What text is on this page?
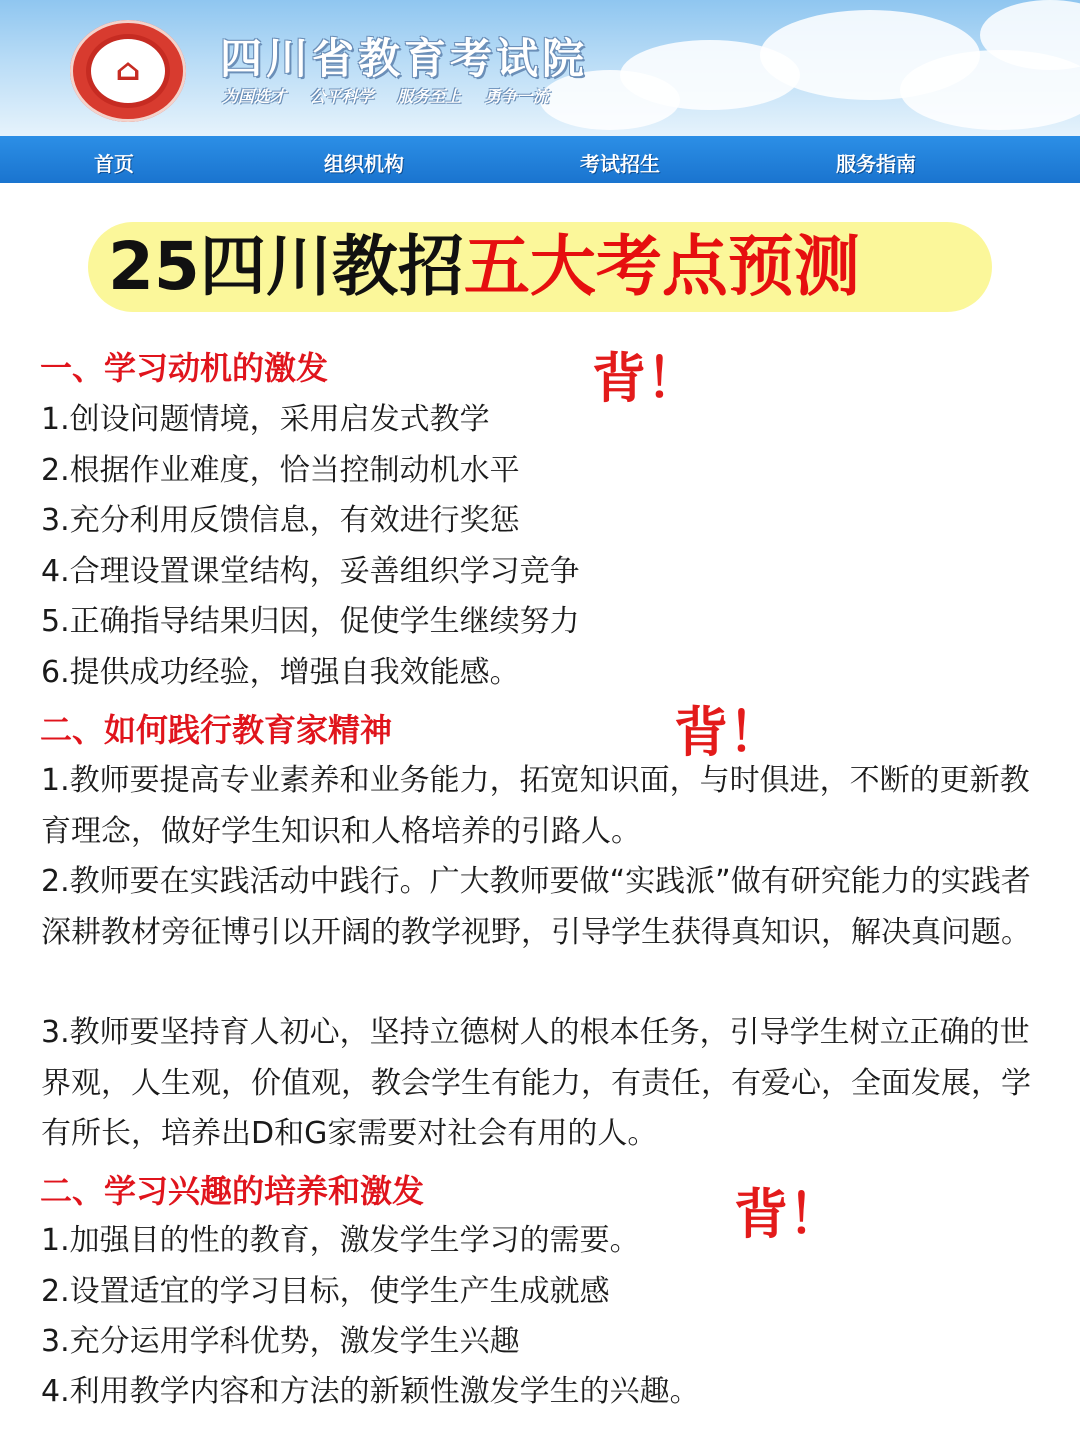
⌂	四川省教育考试院
为国选才 公平科学 服务至上 勇争一流
首页	组织机构	考试招生	服务指南
25四川教招五大考点预测
一、学习动机的激发	背！
1.创设问题情境，采用启发式教学
2.根据作业难度，恰当控制动机水平
3.充分利用反馈信息，有效进行奖惩
4.合理设置课堂结构，妥善组织学习竞争
5.正确指导结果归因，促使学生继续努力
6.提供成功经验，增强自我效能感。
二、如何践行教育家精神	背！
1.教师要提高专业素养和业务能力，拓宽知识面，与时俱进，不断的更新教育理念，做好学生知识和人格培养的引路人。
2.教师要在实践活动中践行。广大教师要做“实践派”做有研究能力的实践者深耕教材旁征博引以开阔的教学视野，引导学生获得真知识，解决真问题。
3.教师要坚持育人初心，坚持立德树人的根本任务，引导学生树立正确的世界观，人生观，价值观，教会学生有能力，有责任，有爱心，全面发展，学有所长，培养出D和G家需要对社会有用的人。
二、学习兴趣的培养和激发	背！
1.加强目的性的教育，激发学生学习的需要。
2.设置适宜的学习目标，使学生产生成就感
3.充分运用学科优势，激发学生兴趣
4.利用教学内容和方法的新颖性激发学生的兴趣。
